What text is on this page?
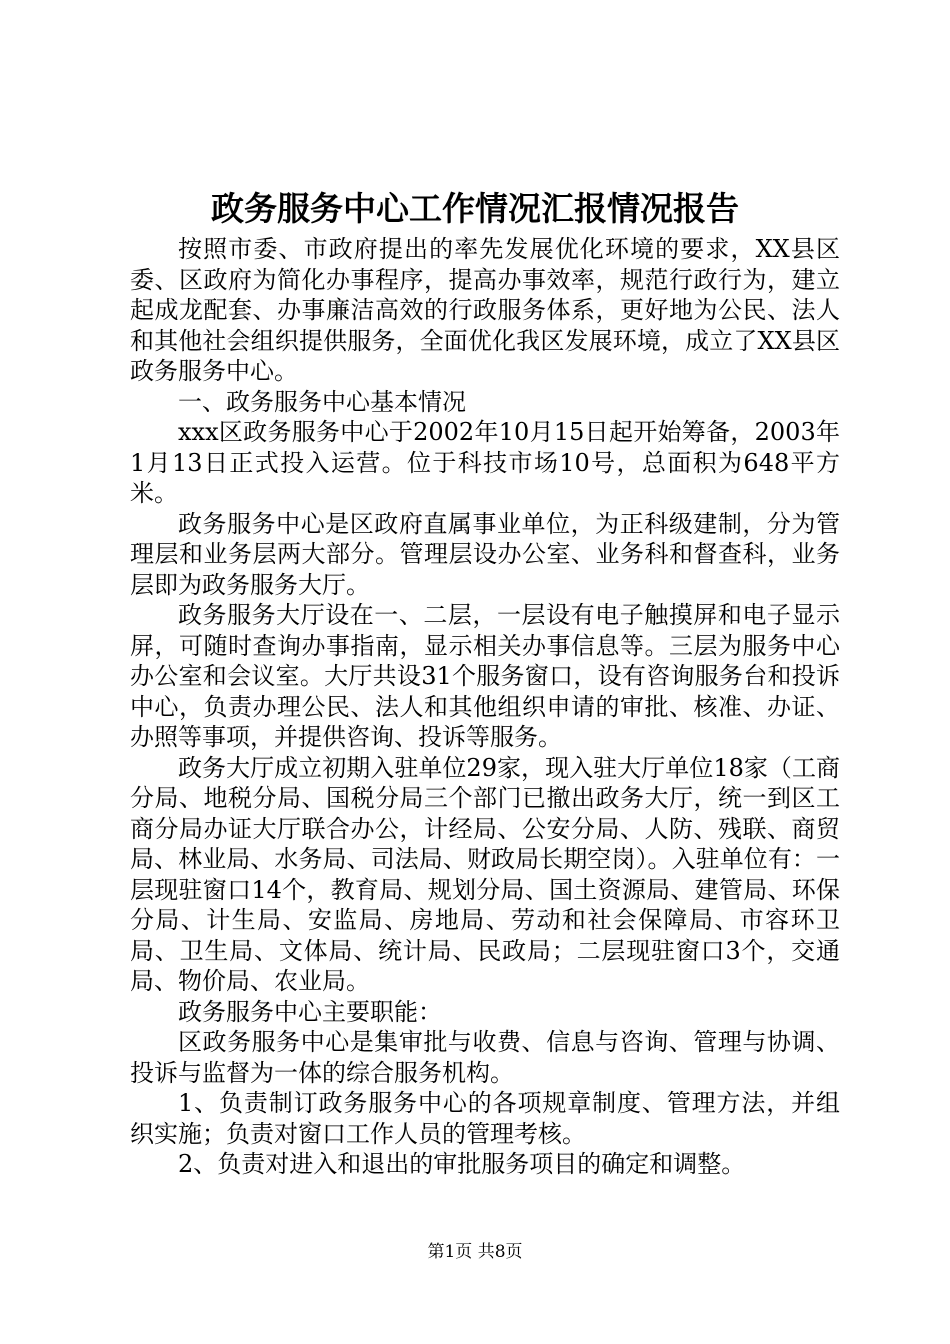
政务服务中心工作情况汇报情况报告

按照市委、市政府提出的率先发展优化环境的要求，XX县区委、区政府为简化办事程序，提高办事效率，规范行政行为，建立起成龙配套、办事廉洁高效的行政服务体系，更好地为公民、法人和其他社会组织提供服务，全面优化我区发展环境，成立了XX县区政务服务中心。

一、政务服务中心基本情况

xxx区政务服务中心于2002年10月15日起开始筹备，2003年1月13日正式投入运营。位于科技市场10号，总面积为648平方米。

政务服务中心是区政府直属事业单位，为正科级建制，分为管理层和业务层两大部分。管理层设办公室、业务科和督查科，业务层即为政务服务大厅。

政务服务大厅设在一、二层，一层设有电子触摸屏和电子显示屏，可随时查询办事指南，显示相关办事信息等。三层为服务中心办公室和会议室。大厅共设31个服务窗口，设有咨询服务台和投诉中心，负责办理公民、法人和其他组织申请的审批、核准、办证、办照等事项，并提供咨询、投诉等服务。

政务大厅成立初期入驻单位29家，现入驻大厅单位18家（工商分局、地税分局、国税分局三个部门已撤出政务大厅，统一到区工商分局办证大厅联合办公，计经局、公安分局、人防、残联、商贸局、林业局、水务局、司法局、财政局长期空岗）。入驻单位有：一层现驻窗口14个，教育局、规划分局、国土资源局、建管局、环保分局、计生局、安监局、房地局、劳动和社会保障局、市容环卫局、卫生局、文体局、统计局、民政局；二层现驻窗口3个，交通局、物价局、农业局。

政务服务中心主要职能：

区政务服务中心是集审批与收费、信息与咨询、管理与协调、投诉与监督为一体的综合服务机构。

1、负责制订政务服务中心的各项规章制度、管理方法，并组织实施；负责对窗口工作人员的管理考核。

2、负责对进入和退出的审批服务项目的确定和调整。

第1页 共8页
